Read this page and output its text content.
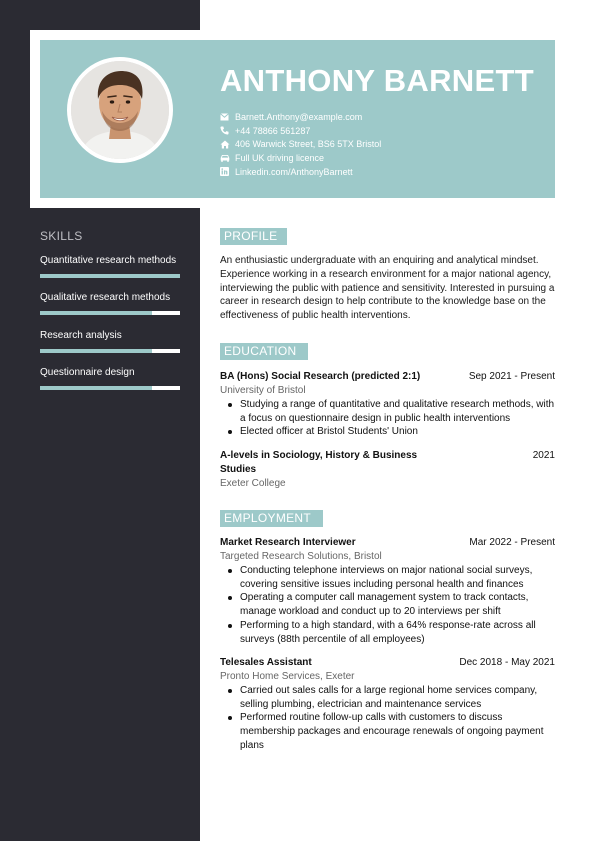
ANTHONY BARNETT
Barnett.Anthony@example.com
+44 78866 561287
406 Warwick Street, BS6 5TX Bristol
Full UK driving licence
Linkedin.com/AnthonyBarnett
SKILLS
Quantitative research methods
Qualitative research methods
Research analysis
Questionnaire design
PROFILE
An enthusiastic undergraduate with an enquiring and analytical mindset. Experience working in a research environment for a major national agency, interviewing the public with patience and sensitivity. Interested in pursuing a career in research design to help contribute to the knowledge base on the effectiveness of public health interventions.
EDUCATION
BA (Hons) Social Research (predicted 2:1)	Sep 2021 - Present
University of Bristol
Studying a range of quantitative and qualitative research methods, with a focus on questionnaire design in public health interventions
Elected officer at Bristol Students' Union
A-levels in Sociology, History & Business Studies
2021
Exeter College
EMPLOYMENT
Market Research Interviewer	Mar 2022 - Present
Targeted Research Solutions, Bristol
Conducting telephone interviews on major national social surveys, covering sensitive issues including personal health and finances
Operating a computer call management system to track contacts, manage workload and conduct up to 20 interviews per shift
Performing to a high standard, with a 64% response-rate across all surveys (88th percentile of all employees)
Telesales Assistant	Dec 2018 - May 2021
Pronto Home Services, Exeter
Carried out sales calls for a large regional home services company, selling plumbing, electrician and maintenance services
Performed routine follow-up calls with customers to discuss membership packages and encourage renewals of ongoing payment plans
